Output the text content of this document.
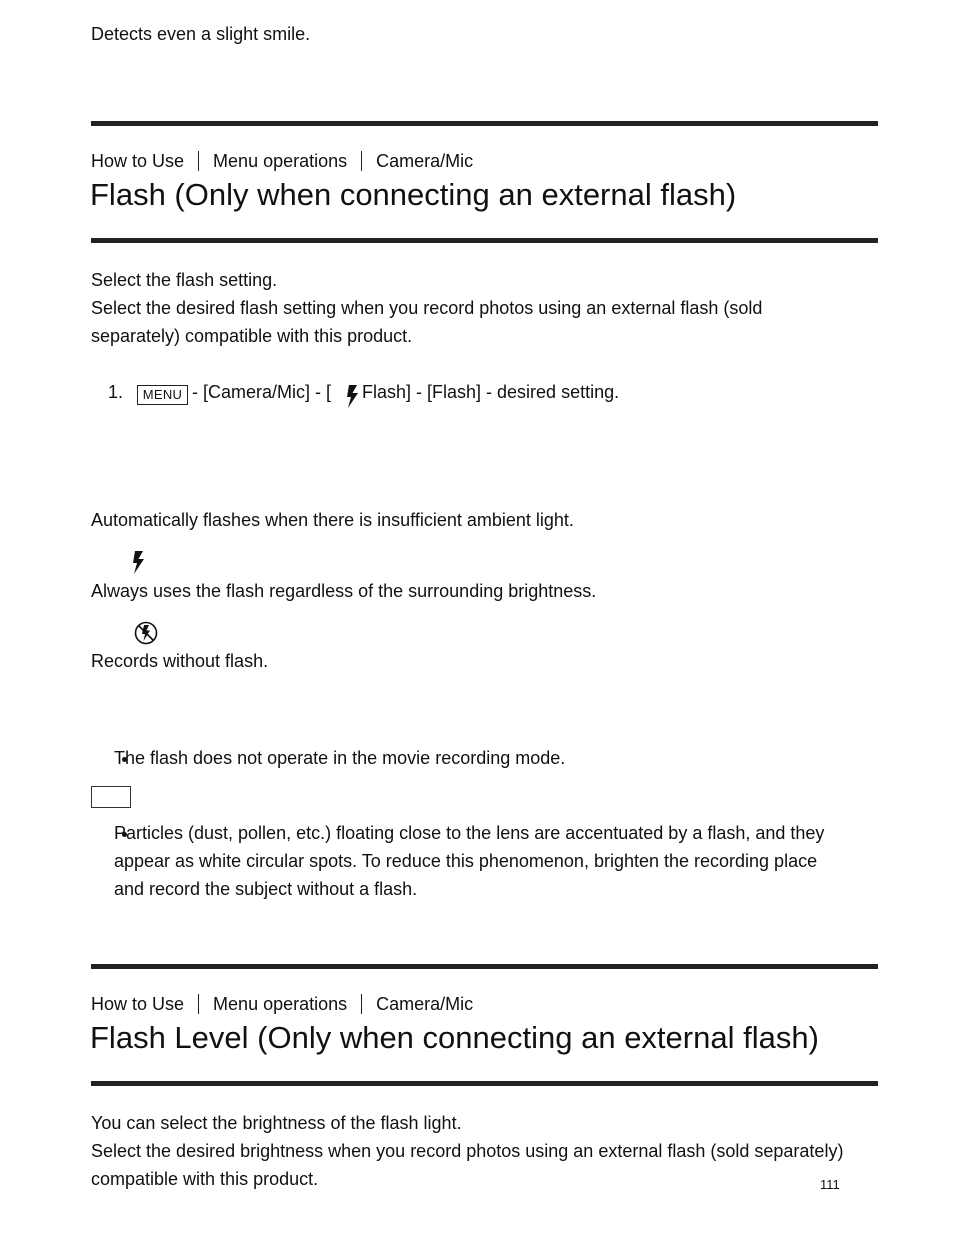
Detects even a slight smile.
How to Use Menu operations Camera/Mic
Flash (Only when connecting an external flash)
Select the flash setting.
Select the desired flash setting when you record photos using an external flash (sold
separately) compatible with this product.
1.	MENU - [Camera/Mic] - [ Flash] - [Flash] - desired setting.
Automatically flashes when there is insufficient ambient light.
Always uses the flash regardless of the surrounding brightness.
Records without flash.
The flash does not operate in the movie recording mode.
Particles (dust, pollen, etc.) floating close to the lens are accentuated by a flash, and they
appear as white circular spots. To reduce this phenomenon, brighten the recording place
and record the subject without a flash.
How to Use Menu operations Camera/Mic
Flash Level (Only when connecting an external flash)
You can select the brightness of the flash light.
Select the desired brightness when you record photos using an external flash (sold separately)
compatible with this product.	111
